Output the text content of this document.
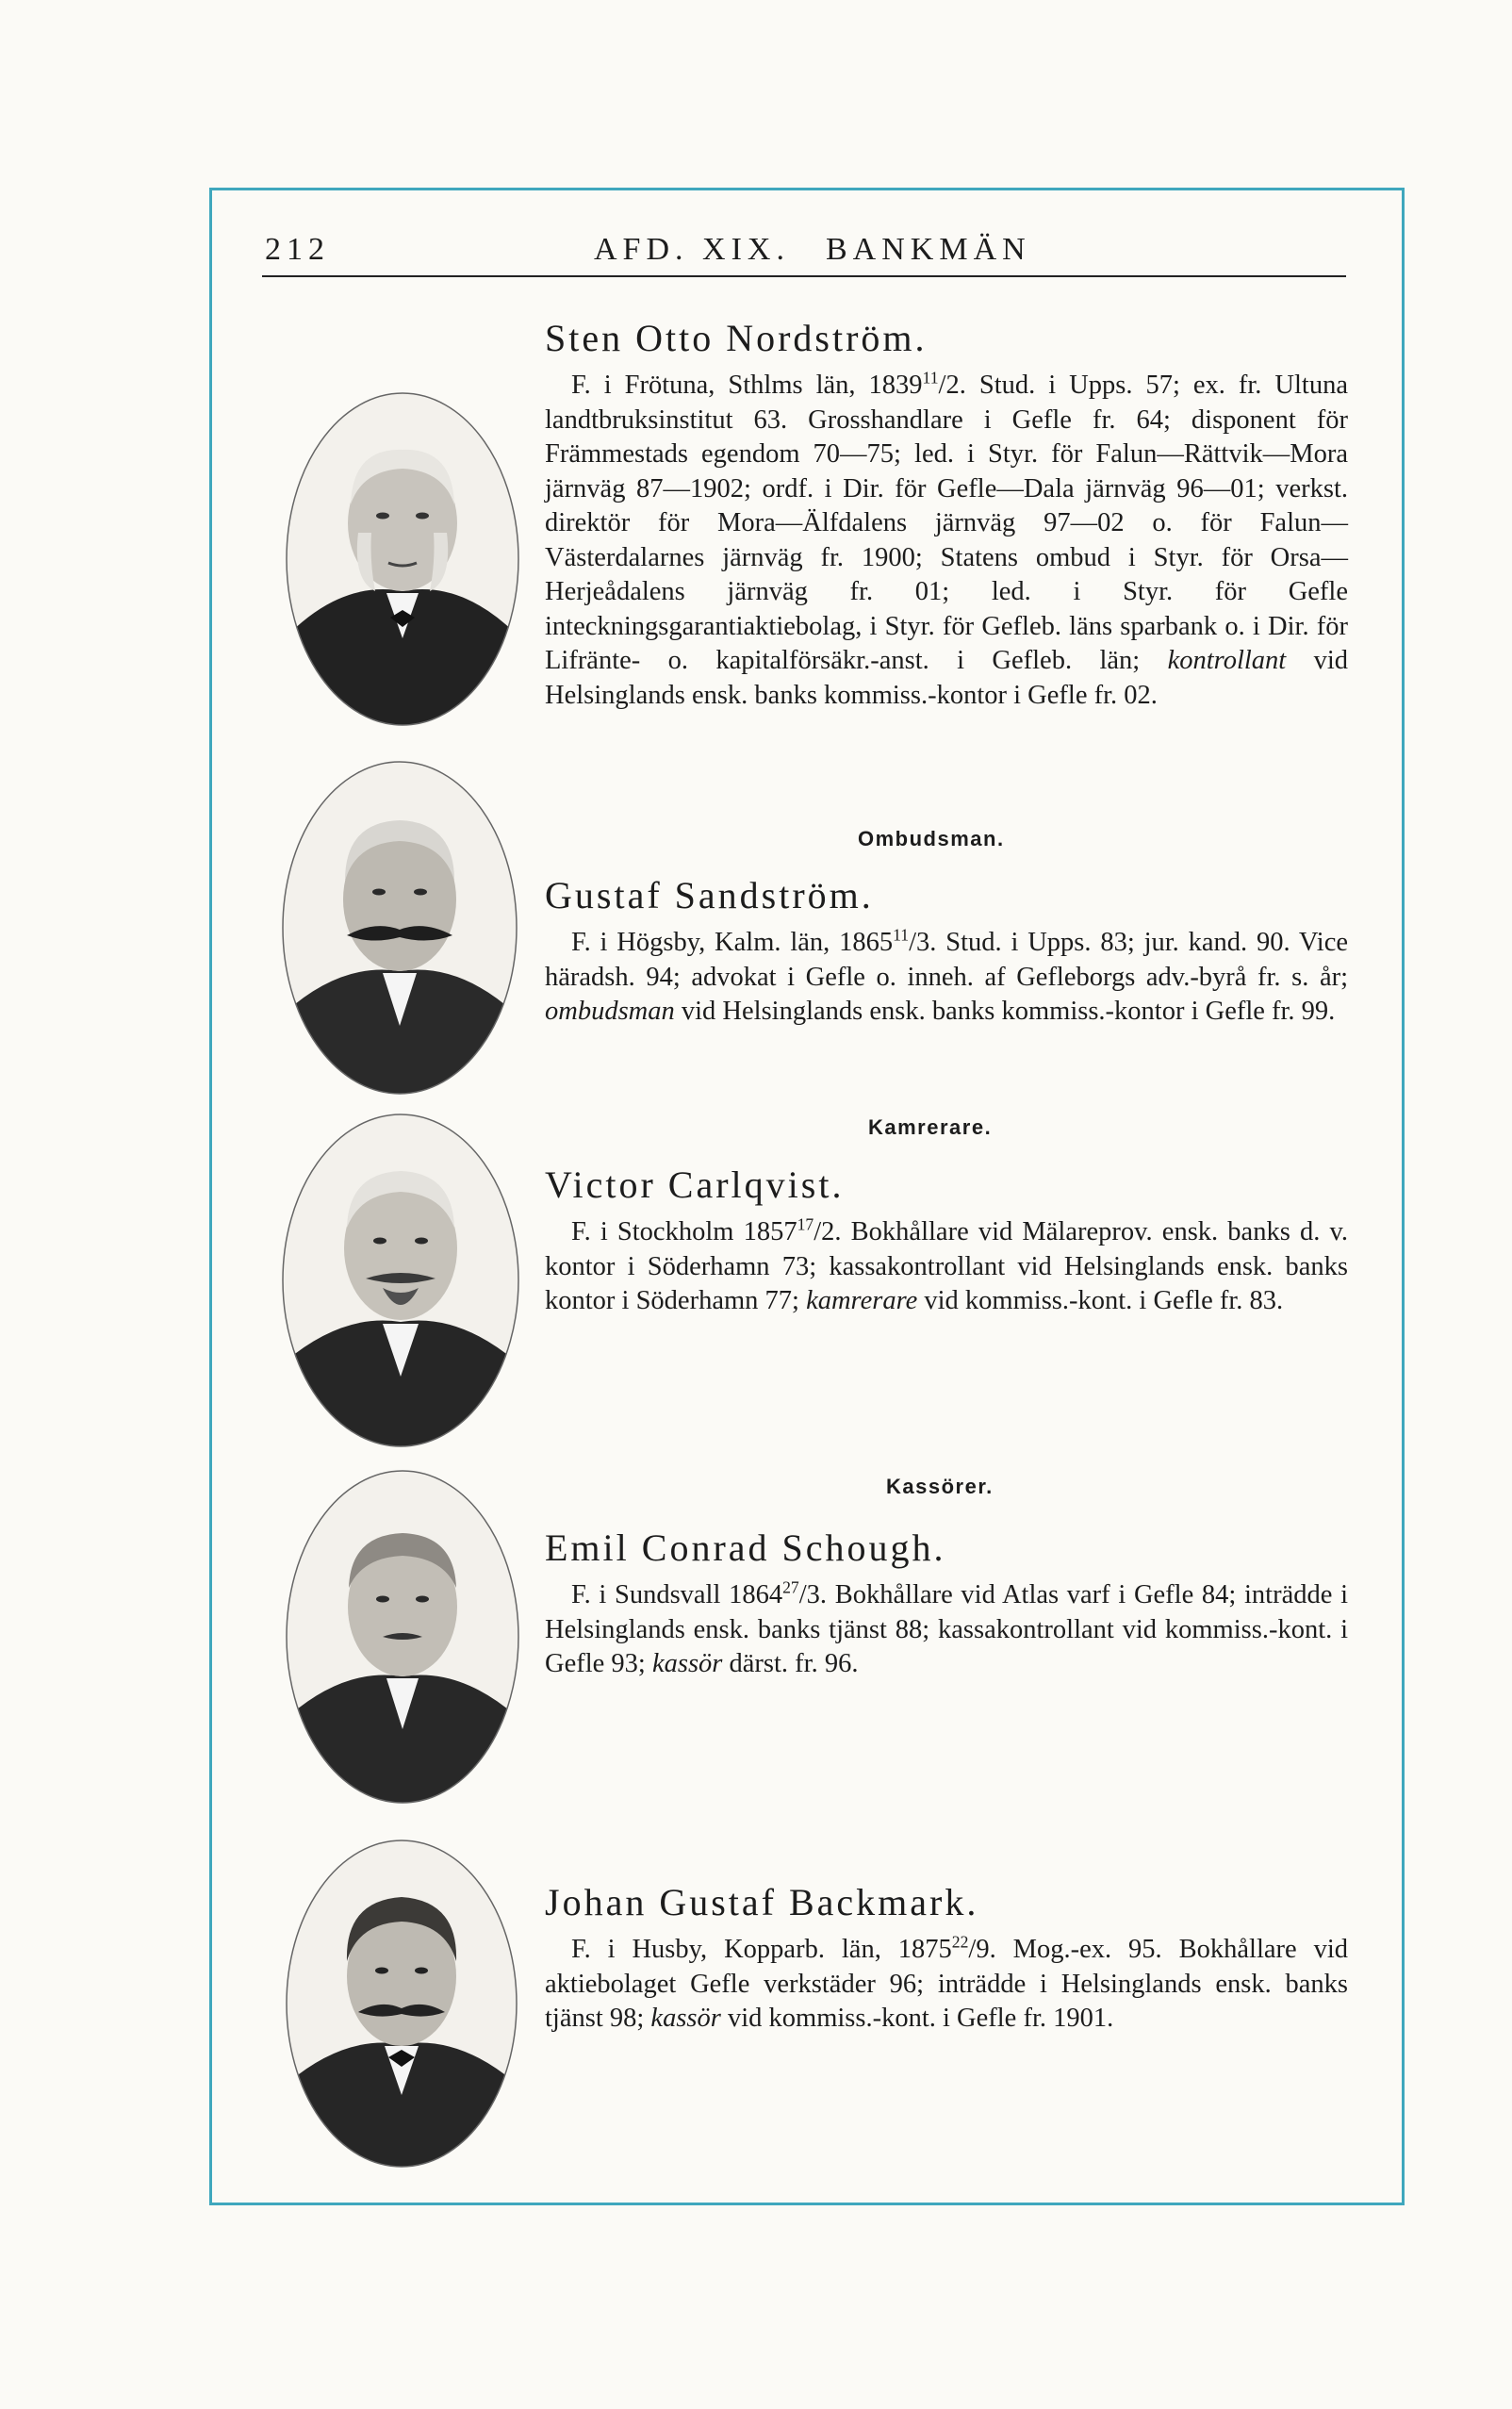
212	AFD. XIX. BANKMÄN
Sten Otto Nordström.

F. i Frötuna, Sthlms län, 1839$^{11}$/2. Stud. i Upps. 57; ex. fr. Ultuna landtbruksinstitut 63. Grosshandlare i Gefle fr. 64; disponent för Främmestads egendom 70—75; led. i Styr. för Falun—Rättvik—Mora järnväg 87—1902; ordf. i Dir. för Gefle—Dala järnväg 96—01; verkst. direktör för Mora—Älfdalens järnväg 97—02 o. för Falun—Västerdalarnes järnväg fr. 1900; Statens ombud i Styr. för Orsa—Herjeådalens järnväg fr. 01; led. i Styr. för Gefle inteckningsgarantiaktiebolag, i Styr. för Gefleb. läns sparbank o. i Dir. för Lifränte- o. kapitalförsäkr.-anst. i Gefleb. län; kontrollant vid Helsinglands ensk. banks kommiss.-kontor i Gefle fr. 02.

Ombudsman.
Gustaf Sandström.

F. i Högsby, Kalm. län, 1865$^{11}$/3. Stud. i Upps. 83; jur. kand. 90. Vice häradsh. 94; advokat i Gefle o. inneh. af Gefleborgs adv.-byrå fr. s. år; ombudsman vid Helsinglands ensk. banks kommiss.-kontor i Gefle fr. 99.

Kamrerare.
Victor Carlqvist.

F. i Stockholm 1857$^{17}$/2. Bokhållare vid Mälareprov. ensk. banks d. v. kontor i Söderhamn 73; kassakontrollant vid Helsinglands ensk. banks kontor i Söderhamn 77; kamrerare vid kommiss.-kont. i Gefle fr. 83.

Kassörer.
Emil Conrad Schough.

F. i Sundsvall 1864$^{27}$/3. Bokhållare vid Atlas varf i Gefle 84; inträdde i Helsinglands ensk. banks tjänst 88; kassakontrollant vid kommiss.-kont. i Gefle 93; kassör därst. fr. 96.

Johan Gustaf Backmark.

F. i Husby, Kopparb. län, 1875$^{22}$/9. Mog.-ex. 95. Bokhållare vid aktiebolaget Gefle verkstäder 96; inträdde i Helsinglands ensk. banks tjänst 98; kassör vid kommiss.-kont. i Gefle fr. 1901.
